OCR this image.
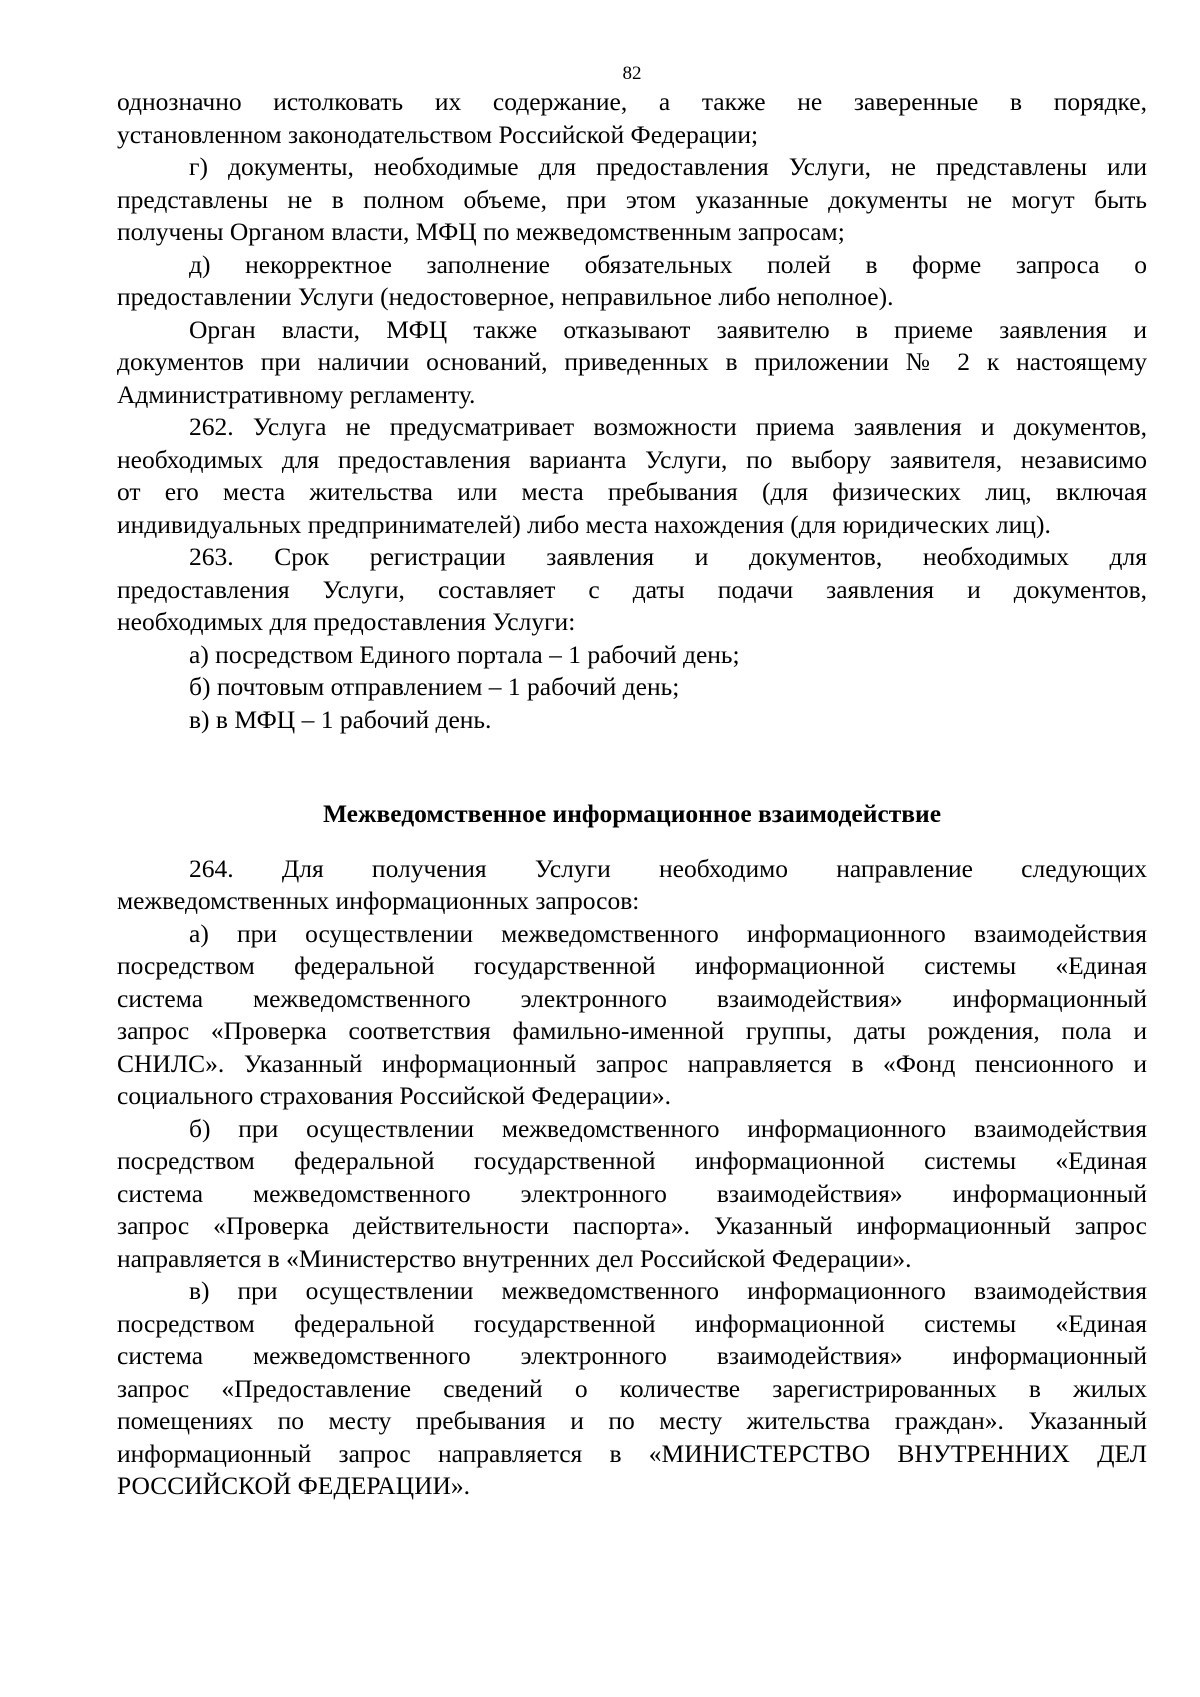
82
однозначно истолковать их содержание, а также не заверенные в порядке,
установленном законодательством Российской Федерации;
г) документы, необходимые для предоставления Услуги, не представлены или
представлены не в полном объеме, при этом указанные документы не могут быть
получены Органом власти, МФЦ по межведомственным запросам;
д) некорректное заполнение обязательных полей в форме запроса о
предоставлении Услуги (недостоверное, неправильное либо неполное).
Орган власти, МФЦ также отказывают заявителю в приеме заявления и
документов при наличии оснований, приведенных в приложении № 2 к настоящему
Административному регламенту.
262. Услуга не предусматривает возможности приема заявления и документов,
необходимых для предоставления варианта Услуги, по выбору заявителя, независимо
от его места жительства или места пребывания (для физических лиц, включая
индивидуальных предпринимателей) либо места нахождения (для юридических лиц).
263. Срок регистрации заявления и документов, необходимых для
предоставления Услуги, составляет с даты подачи заявления и документов,
необходимых для предоставления Услуги:
а) посредством Единого портала – 1 рабочий день;
б) почтовым отправлением – 1 рабочий день;
в) в МФЦ – 1 рабочий день.
Межведомственное информационное взаимодействие
264. Для получения Услуги необходимо направление следующих
межведомственных информационных запросов:
а) при осуществлении межведомственного информационного взаимодействия
посредством федеральной государственной информационной системы «Единая
система межведомственного электронного взаимодействия» информационный
запрос «Проверка соответствия фамильно-именной группы, даты рождения, пола и
СНИЛС». Указанный информационный запрос направляется в «Фонд пенсионного и
социального страхования Российской Федерации».
б) при осуществлении межведомственного информационного взаимодействия
посредством федеральной государственной информационной системы «Единая
система межведомственного электронного взаимодействия» информационный
запрос «Проверка действительности паспорта». Указанный информационный запрос
направляется в «Министерство внутренних дел Российской Федерации».
в) при осуществлении межведомственного информационного взаимодействия
посредством федеральной государственной информационной системы «Единая
система межведомственного электронного взаимодействия» информационный
запрос «Предоставление сведений о количестве зарегистрированных в жилых
помещениях по месту пребывания и по месту жительства граждан». Указанный
информационный запрос направляется в «МИНИСТЕРСТВО ВНУТРЕННИХ ДЕЛ
РОССИЙСКОЙ ФЕДЕРАЦИИ».
